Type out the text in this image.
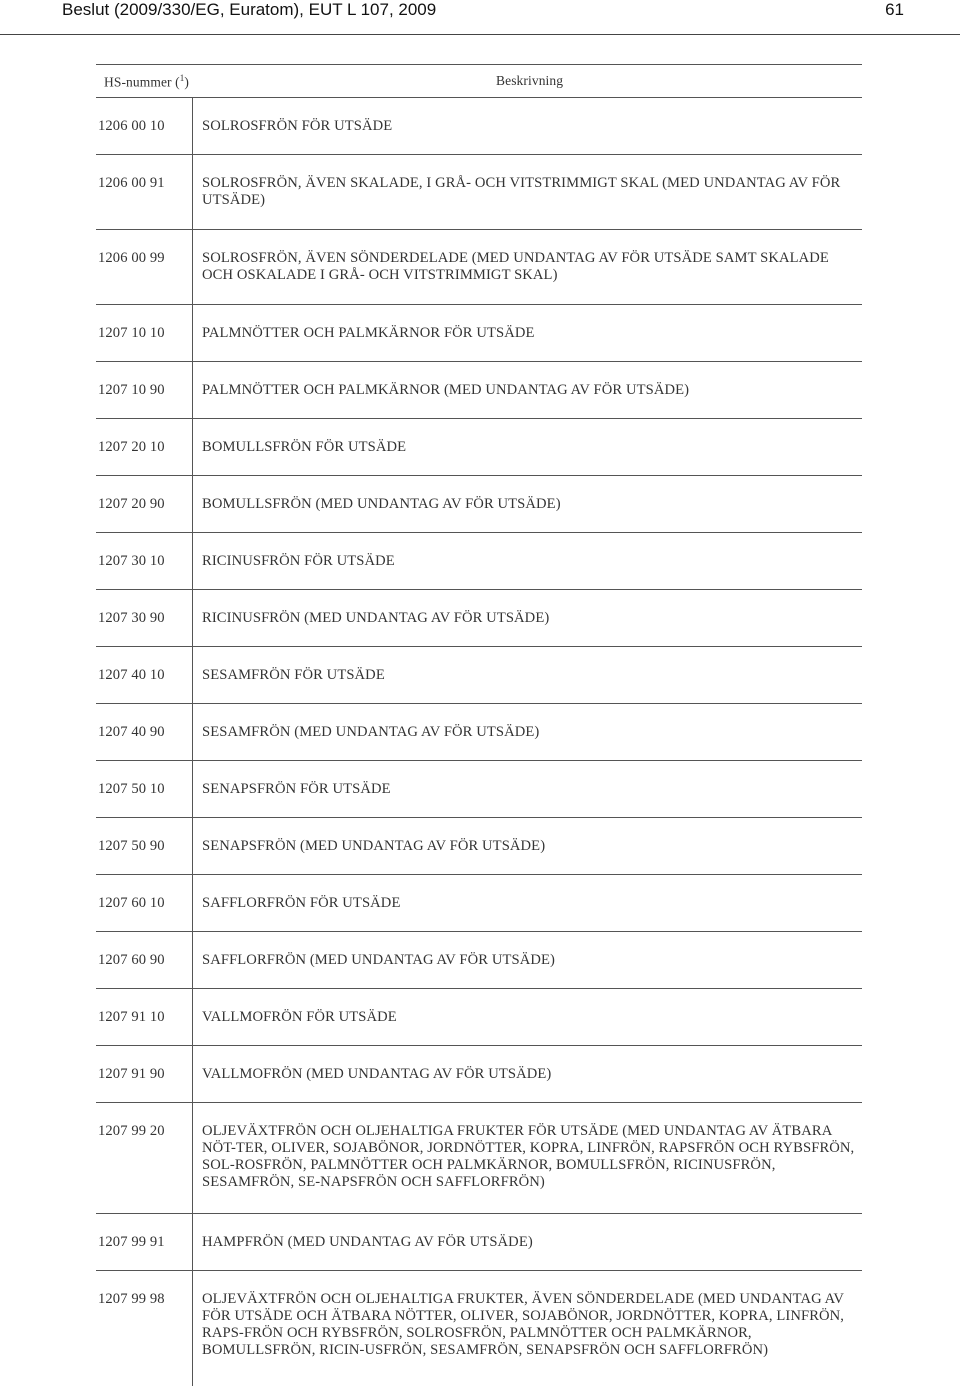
Beslut (2009/330/EG, Euratom), EUT L 107, 2009	61
HS-nummer ($^1$)	Beskrivning
1206 00 10	SOLROSFRÖN FÖR UTSÄDE
1206 00 91	SOLROSFRÖN, ÄVEN SKALADE, I GRÅ- OCH VITSTRIMMIGT SKAL (MED UNDANTAG AV FÖR UTSÄDE)
1206 00 99	SOLROSFRÖN, ÄVEN SÖNDERDELADE (MED UNDANTAG AV FÖR UTSÄDE SAMT SKALADE OCH OSKALADE I GRÅ- OCH VITSTRIMMIGT SKAL)
1207 10 10	PALMNÖTTER OCH PALMKÄRNOR FÖR UTSÄDE
1207 10 90	PALMNÖTTER OCH PALMKÄRNOR (MED UNDANTAG AV FÖR UTSÄDE)
1207 20 10	BOMULLSFRÖN FÖR UTSÄDE
1207 20 90	BOMULLSFRÖN (MED UNDANTAG AV FÖR UTSÄDE)
1207 30 10	RICINUSFRÖN FÖR UTSÄDE
1207 30 90	RICINUSFRÖN (MED UNDANTAG AV FÖR UTSÄDE)
1207 40 10	SESAMFRÖN FÖR UTSÄDE
1207 40 90	SESAMFRÖN (MED UNDANTAG AV FÖR UTSÄDE)
1207 50 10	SENAPSFRÖN FÖR UTSÄDE
1207 50 90	SENAPSFRÖN (MED UNDANTAG AV FÖR UTSÄDE)
1207 60 10	SAFFLORFRÖN FÖR UTSÄDE
1207 60 90	SAFFLORFRÖN (MED UNDANTAG AV FÖR UTSÄDE)
1207 91 10	VALLMOFRÖN FÖR UTSÄDE
1207 91 90	VALLMOFRÖN (MED UNDANTAG AV FÖR UTSÄDE)
1207 99 20	OLJEVÄXTFRÖN OCH OLJEHALTIGA FRUKTER FÖR UTSÄDE (MED UNDANTAG AV ÄTBARA NÖT-TER, OLIVER, SOJABÖNOR, JORDNÖTTER, KOPRA, LINFRÖN, RAPSFRÖN OCH RYBSFRÖN, SOL-ROSFRÖN, PALMNÖTTER OCH PALMKÄRNOR, BOMULLSFRÖN, RICINUSFRÖN, SESAMFRÖN, SE-NAPSFRÖN OCH SAFFLORFRÖN)
1207 99 91	HAMPFRÖN (MED UNDANTAG AV FÖR UTSÄDE)
1207 99 98	OLJEVÄXTFRÖN OCH OLJEHALTIGA FRUKTER, ÄVEN SÖNDERDELADE (MED UNDANTAG AV FÖR UTSÄDE OCH ÄTBARA NÖTTER, OLIVER, SOJABÖNOR, JORDNÖTTER, KOPRA, LINFRÖN, RAPS-FRÖN OCH RYBSFRÖN, SOLROSFRÖN, PALMNÖTTER OCH PALMKÄRNOR, BOMULLSFRÖN, RICIN-USFRÖN, SESAMFRÖN, SENAPSFRÖN OCH SAFFLORFRÖN)
